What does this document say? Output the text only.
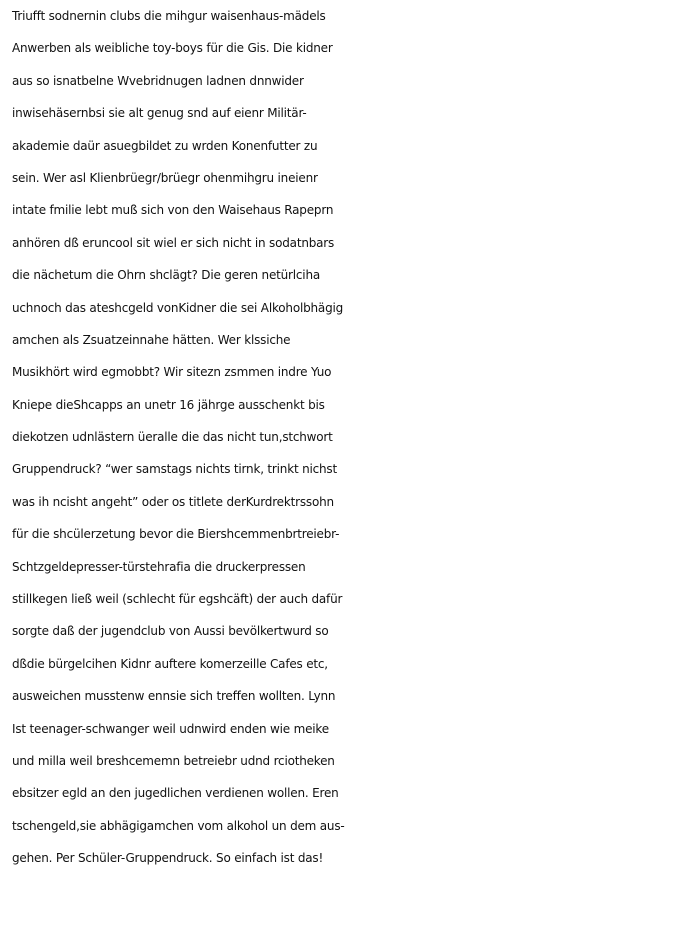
Triufft sodnernin clubs die mihgur waisenhaus-mädels
Anwerben als weibliche toy-boys für die Gis. Die kidner
aus so isnatbelne Wvebridnugen ladnen dnnwider
inwisehäsernbsi sie alt genug snd auf eienr Militär-
akademie daür asuegbildet zu wrden Konenfutter zu
sein. Wer asl Klienbrüegr/brüegr ohenmihgru ineienr
intate fmilie lebt muß sich von den Waisehaus Rapeprn
anhören dß eruncool sit wiel er sich nicht in sodatnbars
die nächetum die Ohrn shclägt? Die geren netürlciha
uchnoch das ateshcgeld vonKidner die sei Alkoholbhägig
amchen als Zsuatzeinnahe hätten. Wer klssiche
Musikhört wird egmobbt? Wir sitezn zsmmen indre Yuo
Kniepe dieShcapps an unetr 16 jährge ausschenkt bis
diekotzen udnlästern üeralle die das nicht tun,stchwort
Gruppendruck? “wer samstags nichts tirnk, trinkt nichst
was ih ncisht angeht” oder os titlete derKurdrektrssohn
für die shcülerzetung bevor die Biershcemmenbrtreiebr-
Schtzgeldepresser-türstehrafia die druckerpressen
stillkegen ließ weil (schlecht für egshcäft) der auch dafür
sorgte daß der jugendclub von Aussi bevölkertwurd so
dßdie bürgelcihen Kidnr auftere komerzeille Cafes etc,
ausweichen musstenw ennsie sich treffen wollten. Lynn
Ist teenager-schwanger weil udnwird enden wie meike
und milla weil breshcememn betreiebr udnd rciotheken
ebsitzer egld an den jugedlichen verdienen wollen. Eren
tschengeld,sie abhägigamchen vom alkohol un dem aus-
gehen. Per Schüler-Gruppendruck. So einfach ist das!
